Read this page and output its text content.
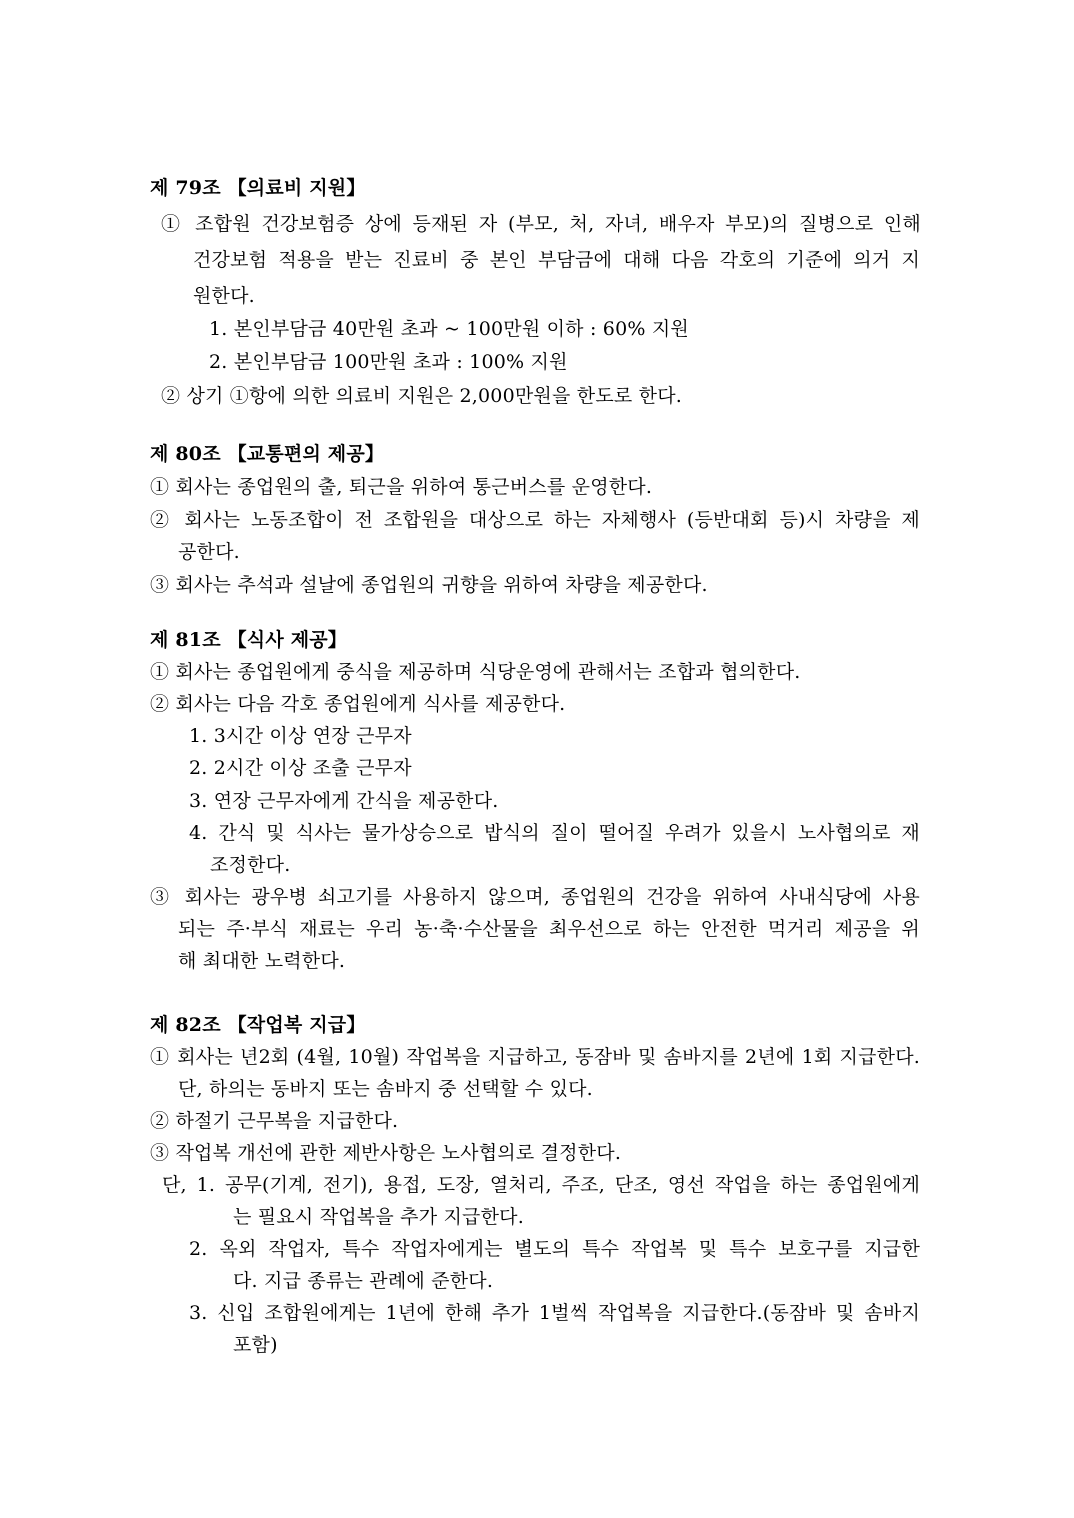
제 79조 【의료비 지원】
① 조합원 건강보험증 상에 등재된 자 (부모, 처, 자녀, 배우자 부모)의 질병으로 인해
건강보험 적용을 받는 진료비 중 본인 부담금에 대해 다음 각호의 기준에 의거 지
원한다.
1. 본인부담금 40만원 초과 ~ 100만원 이하 : 60% 지원
2. 본인부담금 100만원 초과 : 100% 지원
② 상기 ①항에 의한 의료비 지원은 2,000만원을 한도로 한다.
제 80조 【교통편의 제공】
① 회사는 종업원의 출, 퇴근을 위하여 통근버스를 운영한다.
② 회사는 노동조합이 전 조합원을 대상으로 하는 자체행사 (등반대회 등)시 차량을 제
공한다.
③ 회사는 추석과 설날에 종업원의 귀향을 위하여 차량을 제공한다.
제 81조 【식사 제공】
① 회사는 종업원에게 중식을 제공하며 식당운영에 관해서는 조합과 협의한다.
② 회사는 다음 각호 종업원에게 식사를 제공한다.
1. 3시간 이상 연장 근무자
2. 2시간 이상 조출 근무자
3. 연장 근무자에게 간식을 제공한다.
4. 간식 및 식사는 물가상승으로 밥식의 질이 떨어질 우려가 있을시 노사협의로 재
조정한다.
③ 회사는 광우병 쇠고기를 사용하지 않으며, 종업원의 건강을 위하여 사내식당에 사용
되는 주·부식 재료는 우리 농·축·수산물을 최우선으로 하는 안전한 먹거리 제공을 위
해 최대한 노력한다.
제 82조 【작업복 지급】
① 회사는 년2회 (4월, 10월) 작업복을 지급하고, 동잠바 및 솜바지를 2년에 1회 지급한다.
단, 하의는 동바지 또는 솜바지 중 선택할 수 있다.
② 하절기 근무복을 지급한다.
③ 작업복 개선에 관한 제반사항은 노사협의로 결정한다.
단, 1. 공무(기계, 전기), 용접, 도장, 열처리, 주조, 단조, 영선 작업을 하는 종업원에게
는 필요시 작업복을 추가 지급한다.
2. 옥외 작업자, 특수 작업자에게는 별도의 특수 작업복 및 특수 보호구를 지급한
다. 지급 종류는 관례에 준한다.
3. 신입 조합원에게는 1년에 한해 추가 1벌씩 작업복을 지급한다.(동잠바 및 솜바지
포함)
